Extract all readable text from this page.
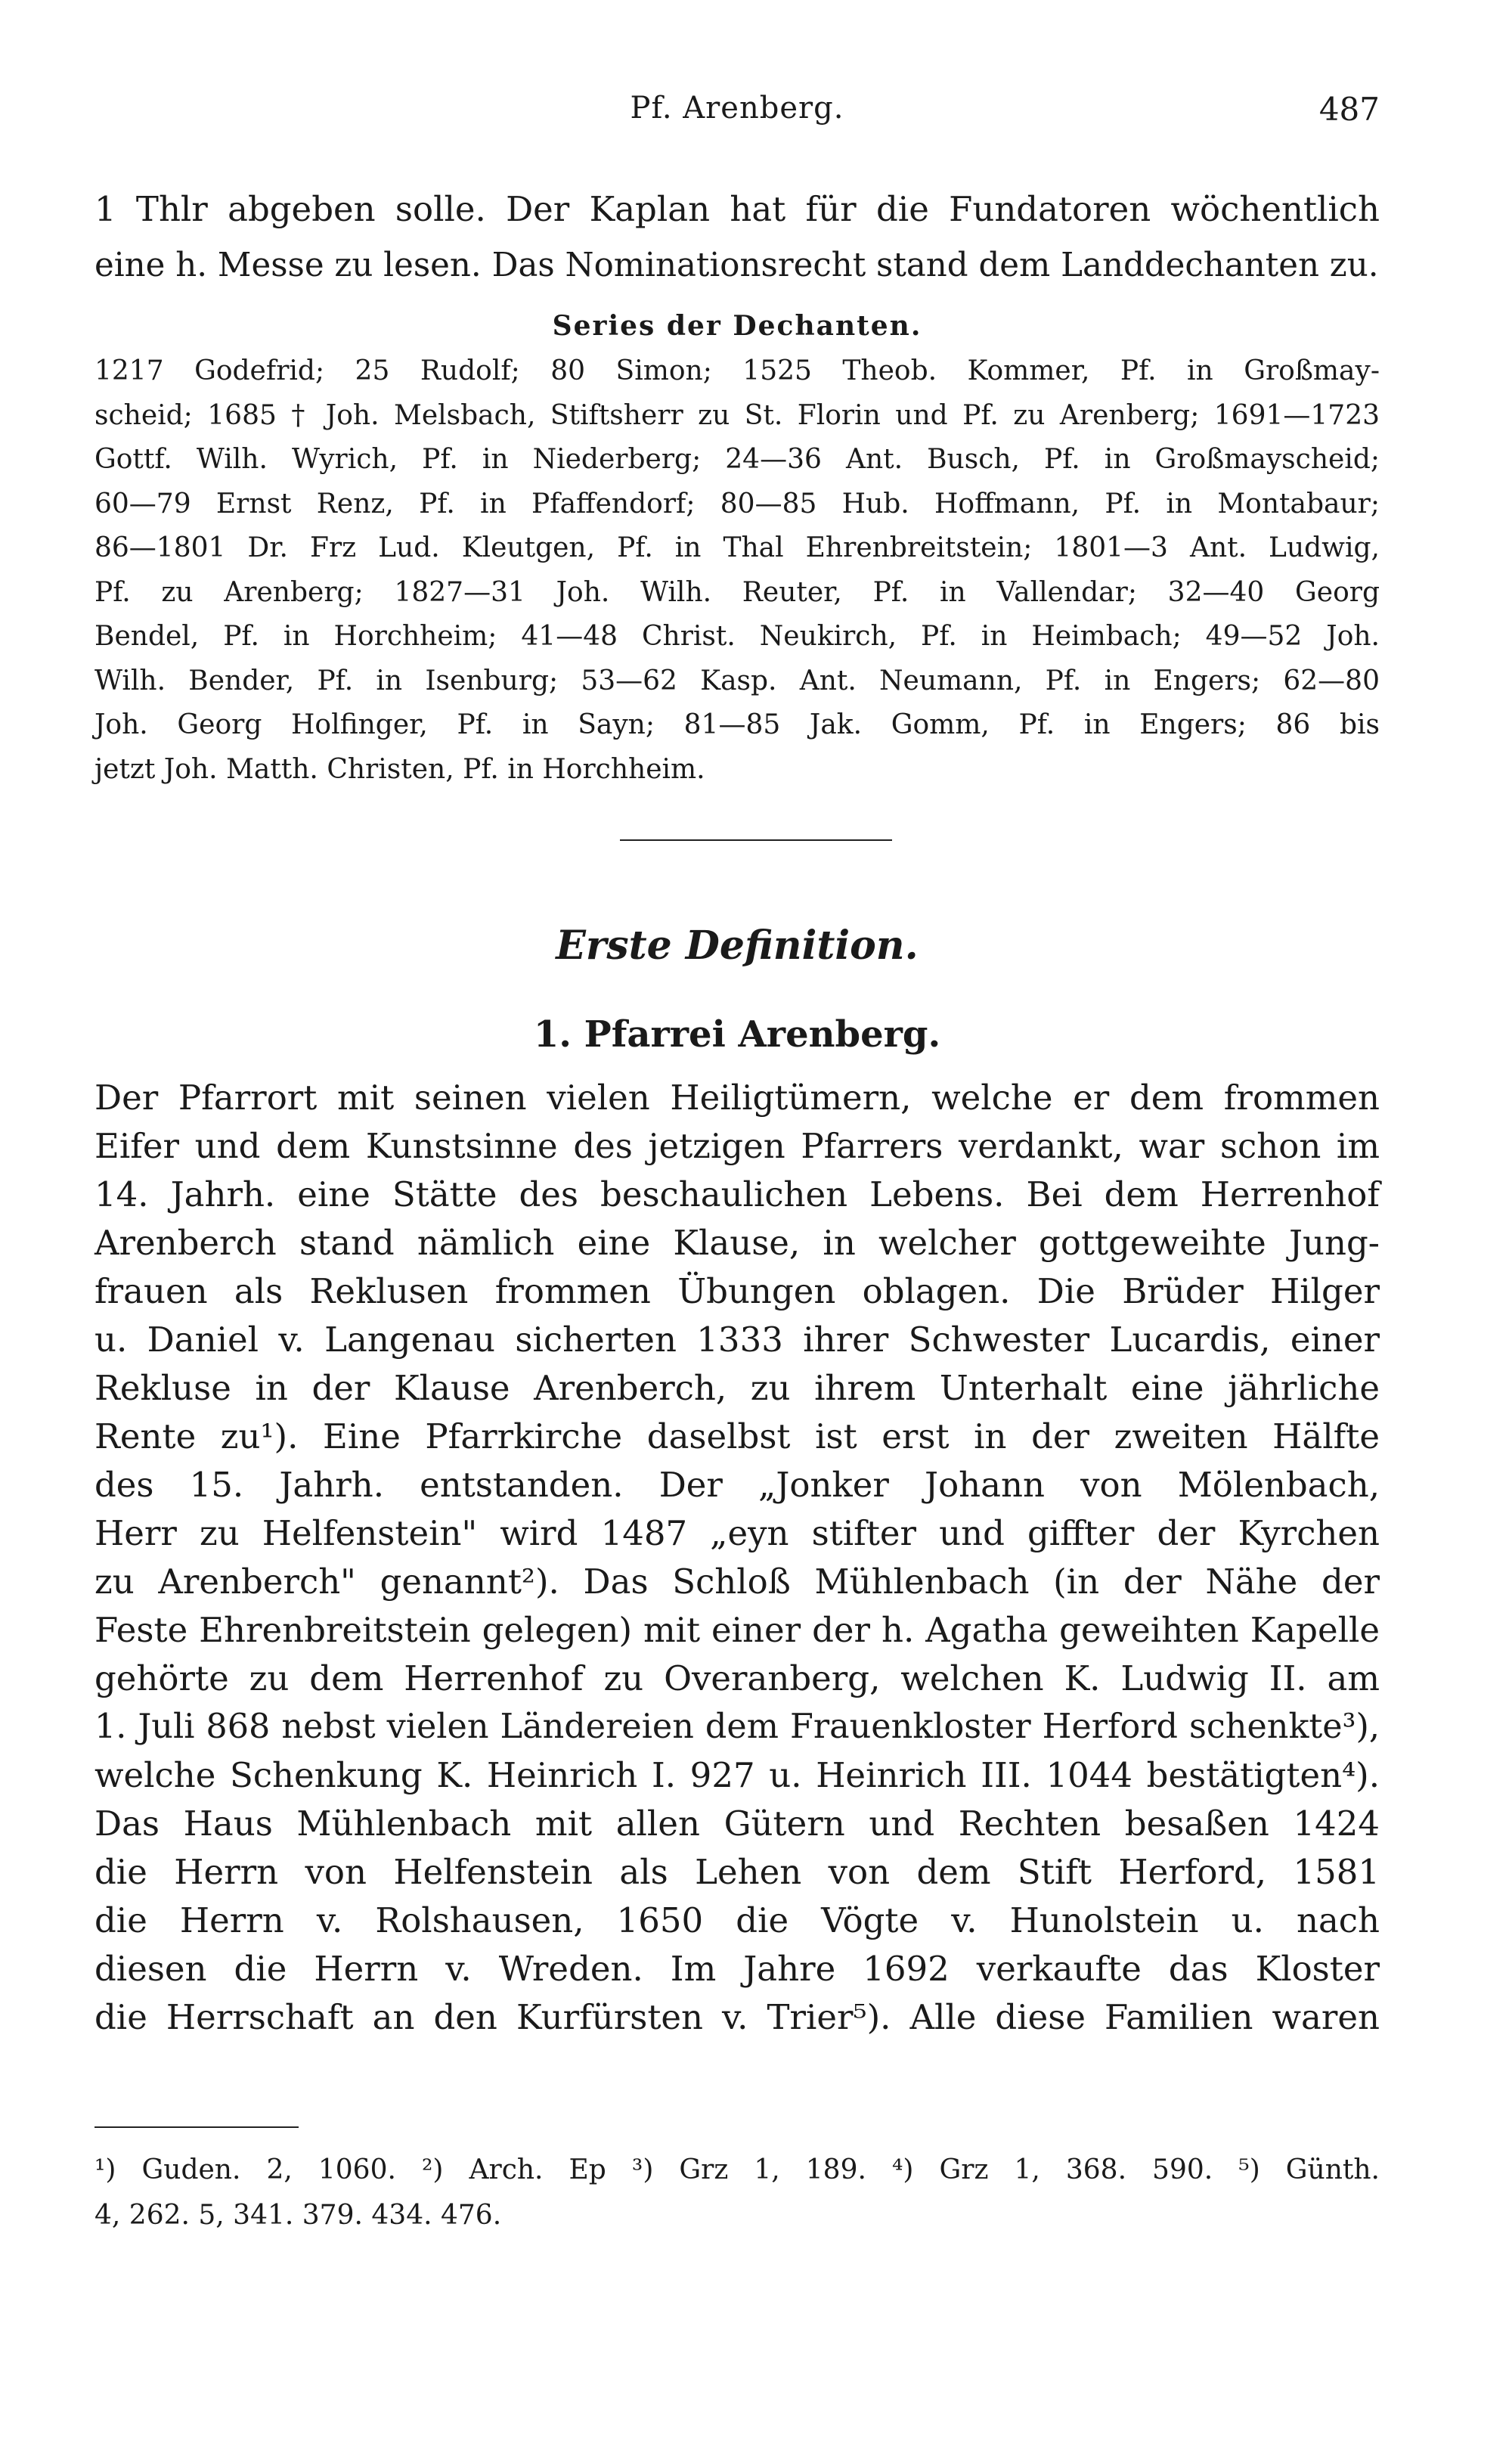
Pf. Arenberg.	487
1 Thlr abgeben solle. Der Kaplan hat für die Fundatoren wöchentlich
eine h. Messe zu lesen. Das Nominationsrecht stand dem Landdechanten zu.
Series der Dechanten.
1217 Godefrid; 25 Rudolf; 80 Simon; 1525 Theob. Kommer, Pf. in Großmay-
scheid; 1685 † Joh. Melsbach, Stiftsherr zu St. Florin und Pf. zu Arenberg; 1691—1723
Gottf. Wilh. Wyrich, Pf. in Niederberg; 24—36 Ant. Busch, Pf. in Großmayscheid;
60—79 Ernst Renz, Pf. in Pfaffendorf; 80—85 Hub. Hoffmann, Pf. in Montabaur;
86—1801 Dr. Frz Lud. Kleutgen, Pf. in Thal Ehrenbreitstein; 1801—3 Ant. Ludwig,
Pf. zu Arenberg; 1827—31 Joh. Wilh. Reuter, Pf. in Vallendar; 32—40 Georg
Bendel, Pf. in Horchheim; 41—48 Christ. Neukirch, Pf. in Heimbach; 49—52 Joh.
Wilh. Bender, Pf. in Isenburg; 53—62 Kasp. Ant. Neumann, Pf. in Engers; 62—80
Joh. Georg Holfinger, Pf. in Sayn; 81—85 Jak. Gomm, Pf. in Engers; 86 bis
jetzt Joh. Matth. Christen, Pf. in Horchheim.
Erste Definition.
1. Pfarrei Arenberg.
Der Pfarrort mit seinen vielen Heiligtümern, welche er dem frommen
Eifer und dem Kunstsinne des jetzigen Pfarrers verdankt, war schon im
14. Jahrh. eine Stätte des beschaulichen Lebens. Bei dem Herrenhof
Arenberch stand nämlich eine Klause, in welcher gottgeweihte Jung-
frauen als Reklusen frommen Übungen oblagen. Die Brüder Hilger
u. Daniel v. Langenau sicherten 1333 ihrer Schwester Lucardis, einer
Rekluse in der Klause Arenberch, zu ihrem Unterhalt eine jährliche
Rente zu¹). Eine Pfarrkirche daselbst ist erst in der zweiten Hälfte
des 15. Jahrh. entstanden. Der „Jonker Johann von Mölenbach,
Herr zu Helfenstein" wird 1487 „eyn stifter und giffter der Kyrchen
zu Arenberch" genannt²). Das Schloß Mühlenbach (in der Nähe der
Feste Ehrenbreitstein gelegen) mit einer der h. Agatha geweihten Kapelle
gehörte zu dem Herrenhof zu Overanberg, welchen K. Ludwig II. am
1. Juli 868 nebst vielen Ländereien dem Frauenkloster Herford schenkte³),
welche Schenkung K. Heinrich I. 927 u. Heinrich III. 1044 bestätigten⁴).
Das Haus Mühlenbach mit allen Gütern und Rechten besaßen 1424
die Herrn von Helfenstein als Lehen von dem Stift Herford, 1581
die Herrn v. Rolshausen, 1650 die Vögte v. Hunolstein u. nach
diesen die Herrn v. Wreden. Im Jahre 1692 verkaufte das Kloster
die Herrschaft an den Kurfürsten v. Trier⁵). Alle diese Familien waren
¹) Guden. 2, 1060. ²) Arch. Ep ³) Grz 1, 189. ⁴) Grz 1, 368. 590. ⁵) Günth.
4, 262. 5, 341. 379. 434. 476.
